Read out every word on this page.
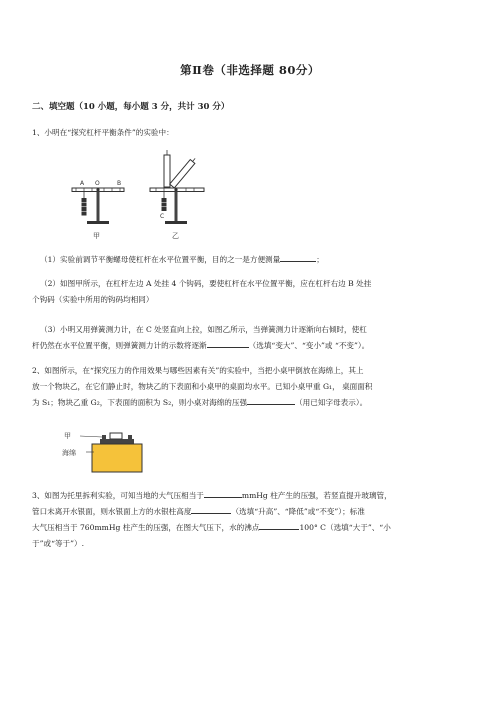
第Ⅱ卷（非选择题 80分）
二、填空题（10 小题，每小题 3 分，共计 30 分）
1、小明在“探究杠杆平衡条件”的实验中：
A O	B
甲
C
乙
（1）实验前调节平衡螺母使杠杆在水平位置平衡，目的之一是方便测量	；
（2）如图甲所示，在杠杆左边 A 处挂 4 个钩码，要使杠杆在水平位置平衡，应在杠杆右边 B 处挂
个钩码（实验中所用的钩码均相同）
（3）小明又用弹簧测力计，在 C 处竖直向上拉，如图乙所示，当弹簧测力计逐渐向右倾时，使杠
杆仍然在水平位置平衡，则弹簧测力计的示数将逐渐	（选填“变大”、“变小”或 “不变”）。
2、如图所示，在“探究压力的作用效果与哪些因素有关”的实验中，当把小桌甲倒放在海绵上，其上
放一个物块乙，在它们静止时，物块乙的下表面和小桌甲的桌面均水平。已知小桌甲重 G₁， 桌面面积
为 S₁；物块乙重 G₂，下表面的面积为 S₂，则小桌对海绵的压强	（用已知字母表示）。
甲
海绵
3、如图为托里拆利实验，可知当地的大气压相当于	mmHg 柱产生的压强，若竖直提升玻璃管，
管口未离开水银面，则水银面上方的水银柱高度	（选填“升高”、“降低”或“不变”）；标准
大气压相当于 760mmHg 柱产生的压强，在图大气压下，水的沸点	100° C（选填“大于”、“小
于”或“等于”）.
